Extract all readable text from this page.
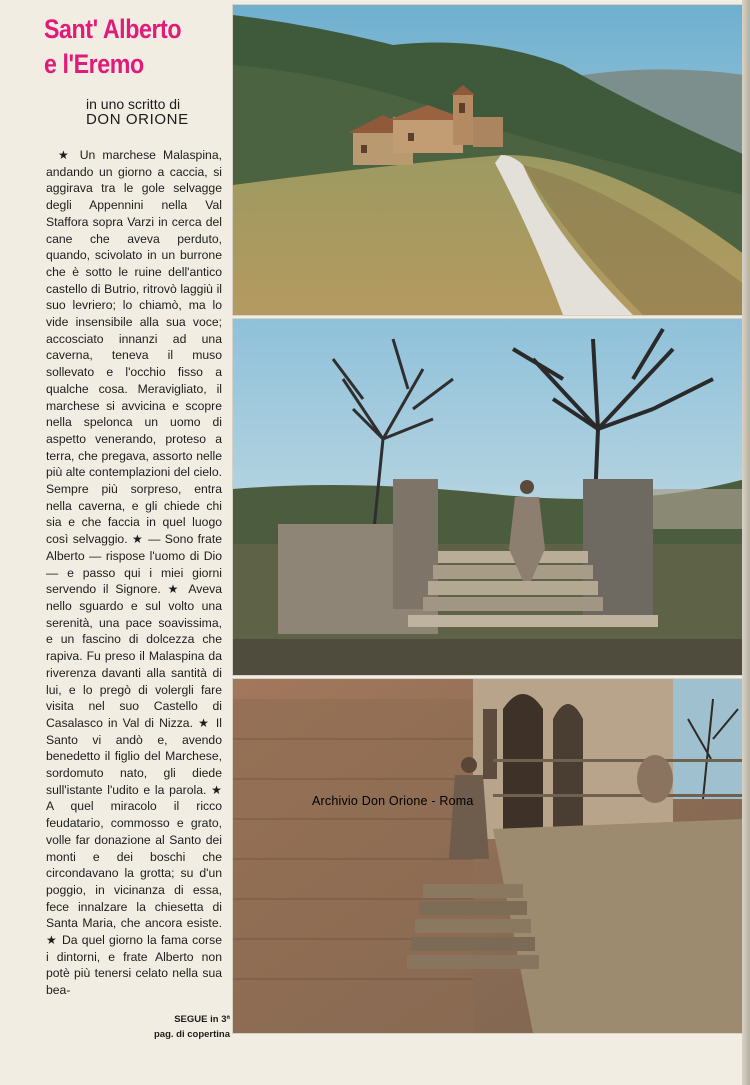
Sant' Alberto
e l'Eremo
in uno scritto di
DON ORIONE

★ Un marchese Malaspina, andando un giorno a caccia, si aggirava tra le gole selvagge degli Appennini nella Val Staffora sopra Varzi in cerca del cane che aveva perduto, quando, scivolato in un burrone che è sotto le ruine dell'antico castello di Butrio, ritrovò laggiù il suo levriero; lo chiamò, ma lo vide insensibile alla sua voce; accosciato innanzi ad una caverna, teneva il muso sollevato e l'occhio fisso a qualche cosa. Meravigliato, il marchese si avvicina e scopre nella spelonca un uomo di aspetto venerando, proteso a terra, che pregava, assorto nelle più alte contemplazioni del cielo. Sempre più sorpreso, entra nella caverna, e gli chiede chi sia e che faccia in quel luogo così selvaggio. ★ — Sono frate Alberto — rispose l'uomo di Dio — e passo qui i miei giorni servendo il Signore. ★ Aveva nello sguardo e sul volto una serenità, una pace soavissima, e un fascino di dolcezza che rapiva. Fu preso il Malaspina da riverenza davanti alla santità di lui, e lo pregò di volergli fare visita nel suo Castello di Casalasco in Val di Nizza. ★ Il Santo vi andò e, avendo benedetto il figlio del Marchese, sordomuto nato, gli diede sull'istante l'udito e la parola. ★ A quel miracolo il ricco feudatario, commosso e grato, volle far donazione al Santo dei monti e dei boschi che circondavano la grotta; su d'un poggio, in vicinanza di essa, fece innalzare la chiesetta di Santa Maria, che ancora esiste. ★ Da quel giorno la fama corse i dintorni, e frate Alberto non potè più tenersi celato nella sua bea-

SEGUE in 3ª
pag. di copertina
Archivio Don Orione - Roma
